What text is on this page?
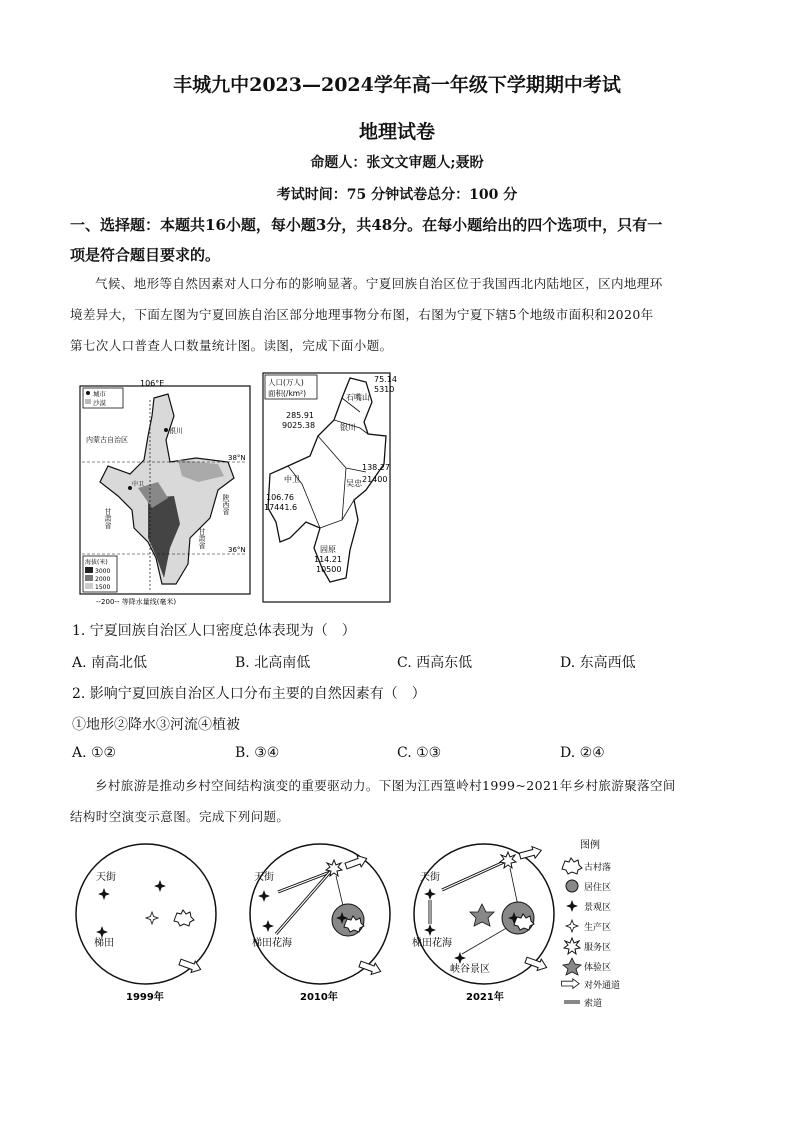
丰城九中2023—2024学年高一年级下学期期中考试
地理试卷
命题人：张文文审题人;聂盼
考试时间：75 分钟试卷总分：100 分
一、选择题：本题共16小题，每小题3分，共48分。在每小题给出的四个选项中，只有一
项是符合题目要求的。
气候、地形等自然因素对人口分布的影响显著。宁夏回族自治区位于我国西北内陆地区，区内地理环
境差异大，下面左图为宁夏回族自治区部分地理事物分布图，右图为宁夏下辖5个地级市面积和2020年
第七次人口普查人口数量统计图。读图，完成下面小题。
106°E
城市
沙漠
38°N
36°N
内蒙古自治区
银川
中卫
陕西省
甘肃省
甘肃省
海拔(米)
3000
2000
1500
--200-- 等降水量线(毫米)
人口(万人)
面积(/km²)
75.14
5310
石嘴山
285.91
9025.38	银川
138.27
21400
吴忠
中卫
106.76
17441.6
固原
114.21
10500
1. 宁夏回族自治区人口密度总体表现为（　）
A. 南高北低	B. 北高南低	C. 西高东低	D. 东高西低
2. 影响宁夏回族自治区人口分布主要的自然因素有（　）
①地形②降水③河流④植被
A. ①②	B. ③④	C. ①③	D. ②④
乡村旅游是推动乡村空间结构演变的重要驱动力。下图为江西篁岭村1999~2021年乡村旅游聚落空间
结构时空演变示意图。完成下列问题。
天街
梯田
1999年
天街
梯田花海
2010年
天街
梯田花海
峡谷景区
2021年
图例
古村落
居住区
景观区
生产区
服务区
体验区
对外通道
索道
